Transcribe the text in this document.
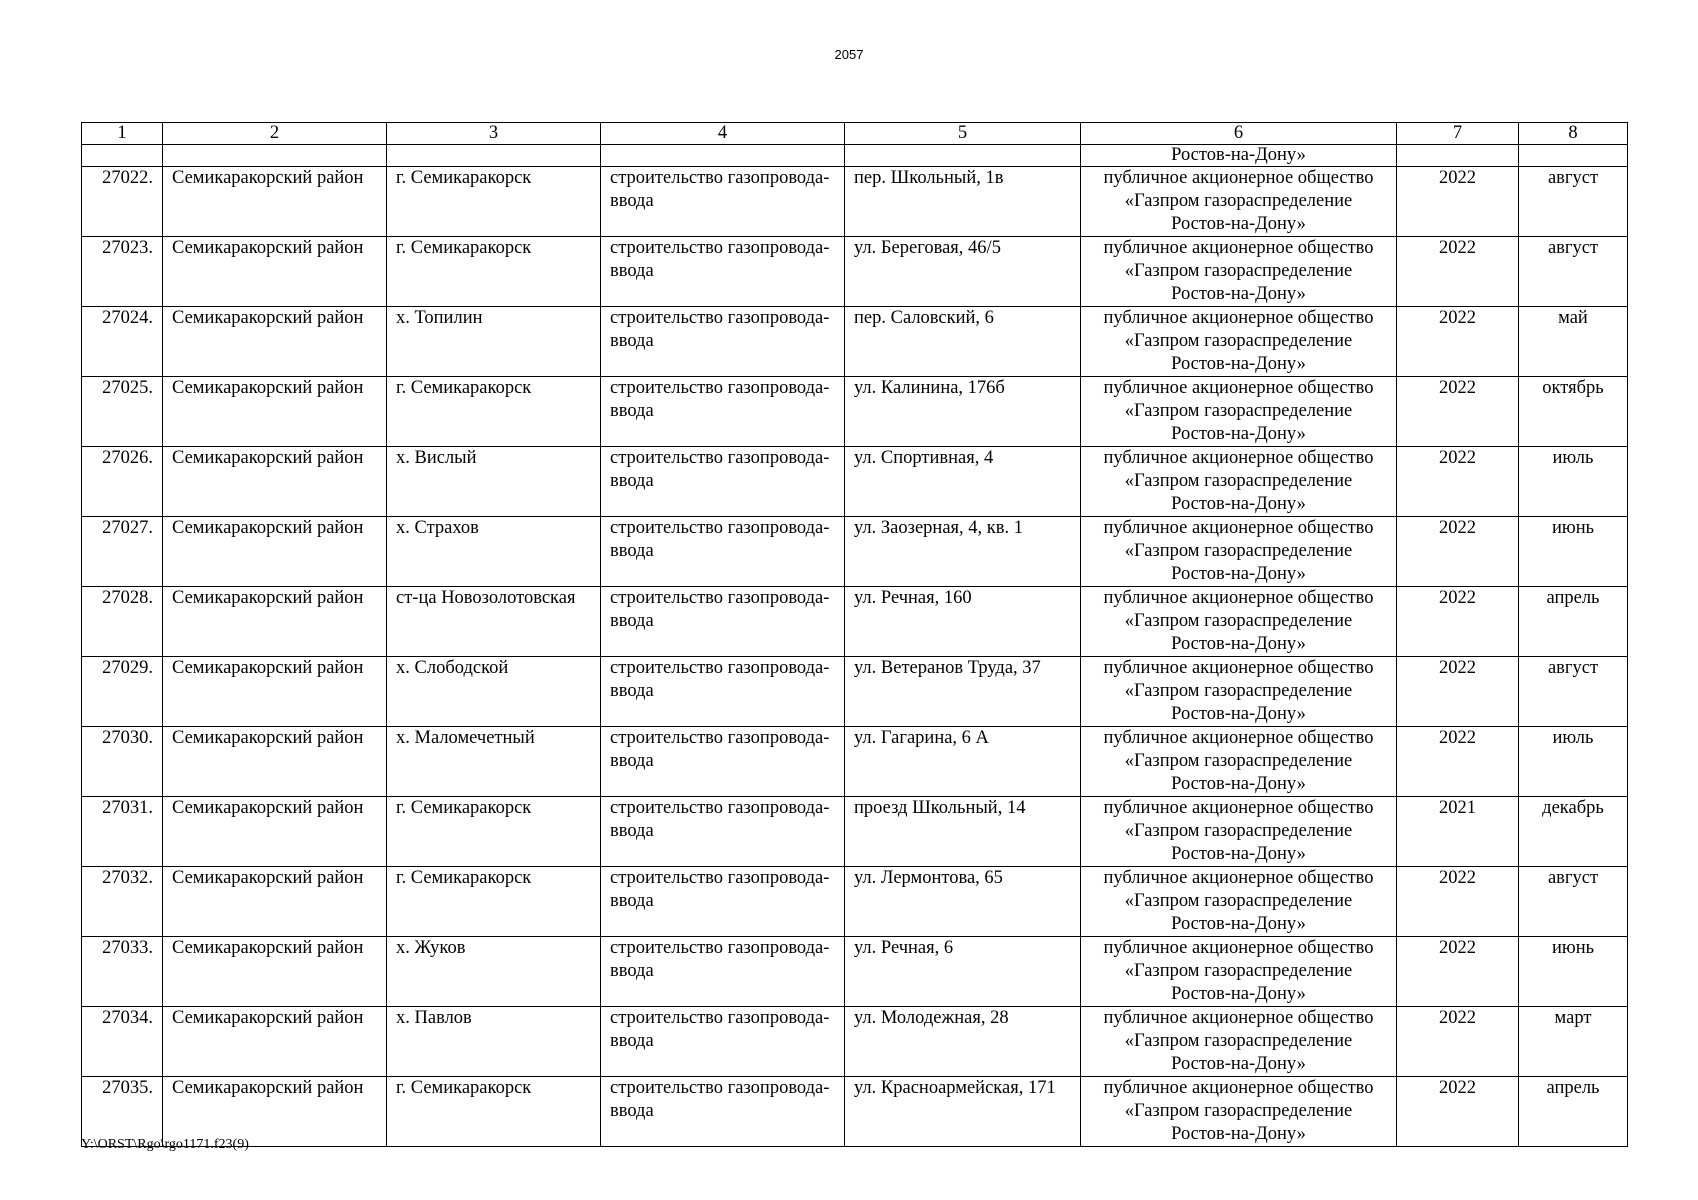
2057
1	2	3	4	5	6	7	8
					Ростов-на-Дону»		
27022.	Семикаракорский район	г. Семикаракорск	строительство газопровода-ввода	пер. Школьный, 1в	публичное акционерное общество
«Газпром газораспределение
Ростов-на-Дону»	2022	август
27023.	Семикаракорский район	г. Семикаракорск	строительство газопровода-ввода	ул. Береговая, 46/5	публичное акционерное общество
«Газпром газораспределение
Ростов-на-Дону»	2022	август
27024.	Семикаракорский район	х. Топилин	строительство газопровода-ввода	пер. Саловский, 6	публичное акционерное общество
«Газпром газораспределение
Ростов-на-Дону»	2022	май
27025.	Семикаракорский район	г. Семикаракорск	строительство газопровода-ввода	ул. Калинина, 176б	публичное акционерное общество
«Газпром газораспределение
Ростов-на-Дону»	2022	октябрь
27026.	Семикаракорский район	х. Вислый	строительство газопровода-ввода	ул. Спортивная, 4	публичное акционерное общество
«Газпром газораспределение
Ростов-на-Дону»	2022	июль
27027.	Семикаракорский район	х. Страхов	строительство газопровода-ввода	ул. Заозерная, 4, кв. 1	публичное акционерное общество
«Газпром газораспределение
Ростов-на-Дону»	2022	июнь
27028.	Семикаракорский район	ст-ца Новозолотовская	строительство газопровода-ввода	ул. Речная, 160	публичное акционерное общество
«Газпром газораспределение
Ростов-на-Дону»	2022	апрель
27029.	Семикаракорский район	х. Слободской	строительство газопровода-ввода	ул. Ветеранов Труда, 37	публичное акционерное общество
«Газпром газораспределение
Ростов-на-Дону»	2022	август
27030.	Семикаракорский район	х. Маломечетный	строительство газопровода-ввода	ул. Гагарина, 6 А	публичное акционерное общество
«Газпром газораспределение
Ростов-на-Дону»	2022	июль
27031.	Семикаракорский район	г. Семикаракорск	строительство газопровода-ввода	проезд Школьный, 14	публичное акционерное общество
«Газпром газораспределение
Ростов-на-Дону»	2021	декабрь
27032.	Семикаракорский район	г. Семикаракорск	строительство газопровода-ввода	ул. Лермонтова, 65	публичное акционерное общество
«Газпром газораспределение
Ростов-на-Дону»	2022	август
27033.	Семикаракорский район	х. Жуков	строительство газопровода-ввода	ул. Речная, 6	публичное акционерное общество
«Газпром газораспределение
Ростов-на-Дону»	2022	июнь
27034.	Семикаракорский район	х. Павлов	строительство газопровода-ввода	ул. Молодежная, 28	публичное акционерное общество
«Газпром газораспределение
Ростов-на-Дону»	2022	март
27035.	Семикаракорский район	г. Семикаракорск	строительство газопровода-ввода	ул. Красноармейская, 171	публичное акционерное общество
«Газпром газораспределение
Ростов-на-Дону»	2022	апрель
Y:\ORST\Rgo\rgo1171.f23(9)
